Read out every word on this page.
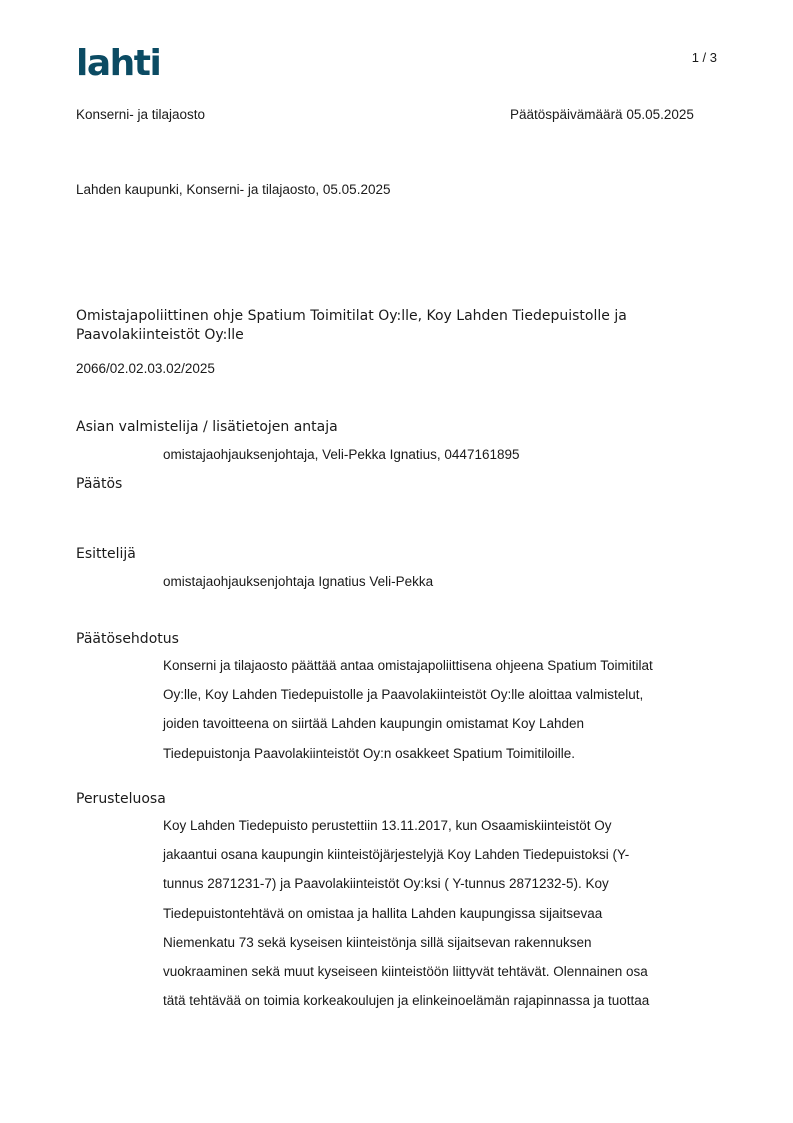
lahti	1 / 3
Konserni- ja tilajaosto	Päätöspäivämäärä 05.05.2025
Lahden kaupunki, Konserni- ja tilajaosto, 05.05.2025
Omistajapoliittinen ohje Spatium Toimitilat Oy:lle, Koy Lahden Tiedepuistolle ja
Paavolakiinteistöt Oy:lle
2066/02.02.03.02/2025
Asian valmistelija / lisätietojen antaja
omistajaohjauksenjohtaja, Veli-Pekka Ignatius, 0447161895
Päätös
Esittelijä
omistajaohjauksenjohtaja Ignatius Veli-Pekka
Päätösehdotus
Konserni ja tilajaosto päättää antaa omistajapoliittisena ohjeena Spatium Toimitilat
Oy:lle, Koy Lahden Tiedepuistolle ja Paavolakiinteistöt Oy:lle aloittaa valmistelut,
joiden tavoitteena on siirtää Lahden kaupungin omistamat Koy Lahden
Tiedepuistonja Paavolakiinteistöt Oy:n osakkeet Spatium Toimitiloille.
Perusteluosa
Koy Lahden Tiedepuisto perustettiin 13.11.2017, kun Osaamiskiinteistöt Oy
jakaantui osana kaupungin kiinteistöjärjestelyjä Koy Lahden Tiedepuistoksi (Y-
tunnus 2871231-7) ja Paavolakiinteistöt Oy:ksi ( Y-tunnus 2871232-5). Koy
Tiedepuistontehtävä on omistaa ja hallita Lahden kaupungissa sijaitsevaa
Niemenkatu 73 sekä kyseisen kiinteistönja sillä sijaitsevan rakennuksen
vuokraaminen sekä muut kyseiseen kiinteistöön liittyvät tehtävät. Olennainen osa
tätä tehtävää on toimia korkeakoulujen ja elinkeinoelämän rajapinnassa ja tuottaa
